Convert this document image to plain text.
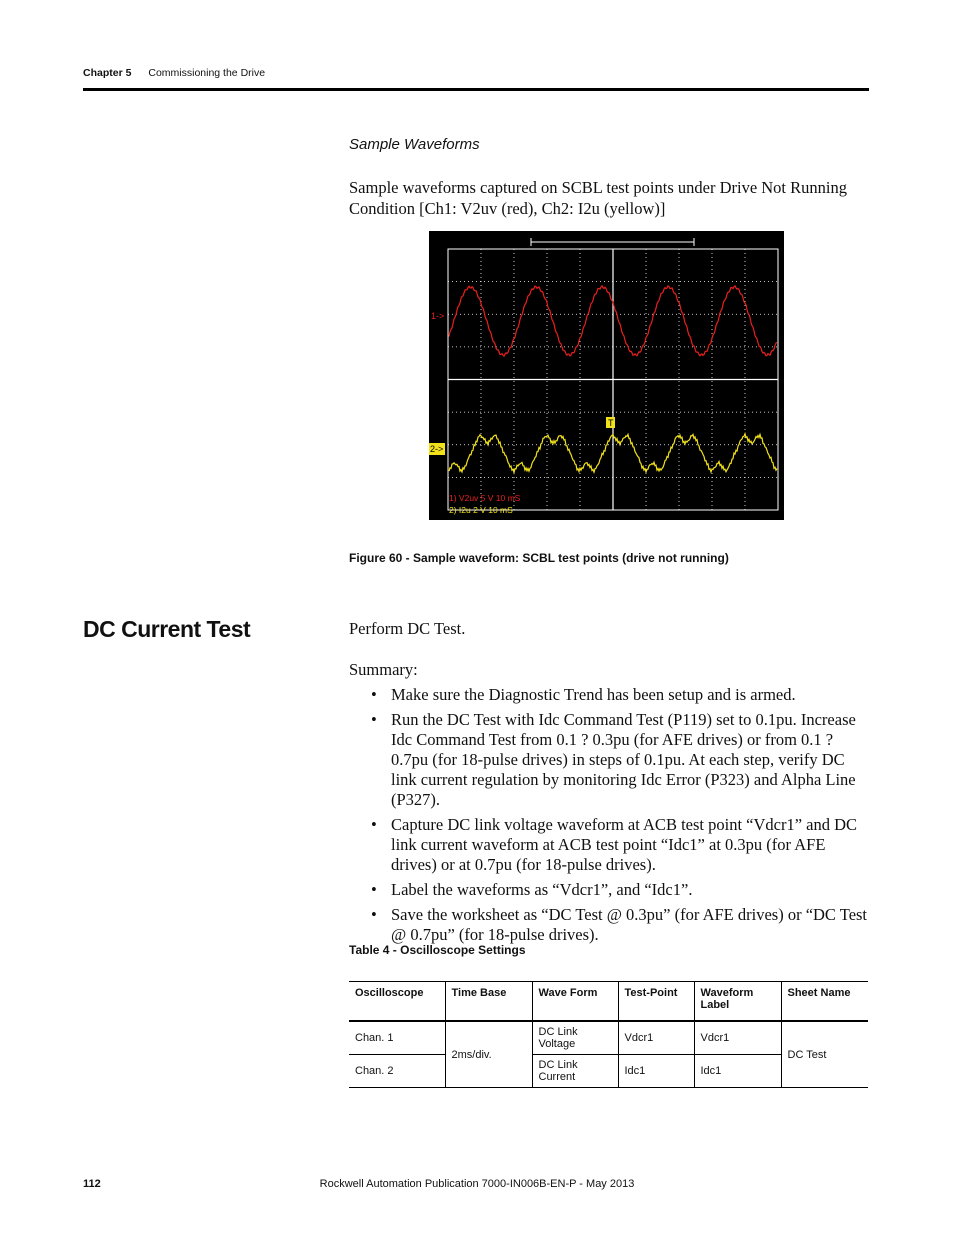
Chapter 5 Commissioning the Drive
Sample Waveforms
Sample waveforms captured on SCBL test points under Drive Not Running Condition [Ch1: V2uv (red), Ch2: I2u (yellow)]
1->
2->
T
1) V2uv 5 V 10 mS
2) I2u 2 V 10 mS
Figure 60 - Sample waveform: SCBL test points (drive not running)
DC Current Test	Perform DC Test.
Summary:
• Make sure the Diagnostic Trend has been setup and is armed.
• Run the DC Test with Idc Command Test (P119) set to 0.1pu. Increase Idc Command Test from 0.1 ? 0.3pu (for AFE drives) or from 0.1 ? 0.7pu (for 18-pulse drives) in steps of 0.1pu. At each step, verify DC link current regulation by monitoring Idc Error (P323) and Alpha Line (P327).
• Capture DC link voltage waveform at ACB test point “Vdcr1” and DC link current waveform at ACB test point “Idc1” at 0.3pu (for AFE drives) or at 0.7pu (for 18-pulse drives).
• Label the waveforms as “Vdcr1”, and “Idc1”.
• Save the worksheet as “DC Test @ 0.3pu” (for AFE drives) or “DC Test @ 0.7pu” (for 18-pulse drives).
Table 4 - Oscilloscope Settings
Oscilloscope	Time Base	Wave Form	Test-Point	Waveform Label	Sheet Name
Chan. 1	2ms/div.	DC Link Voltage	Vdcr1	Vdcr1	DC Test
Chan. 2		DC Link Current	Idc1	Idc1	
112	Rockwell Automation Publication 7000-IN006B-EN-P - May 2013
